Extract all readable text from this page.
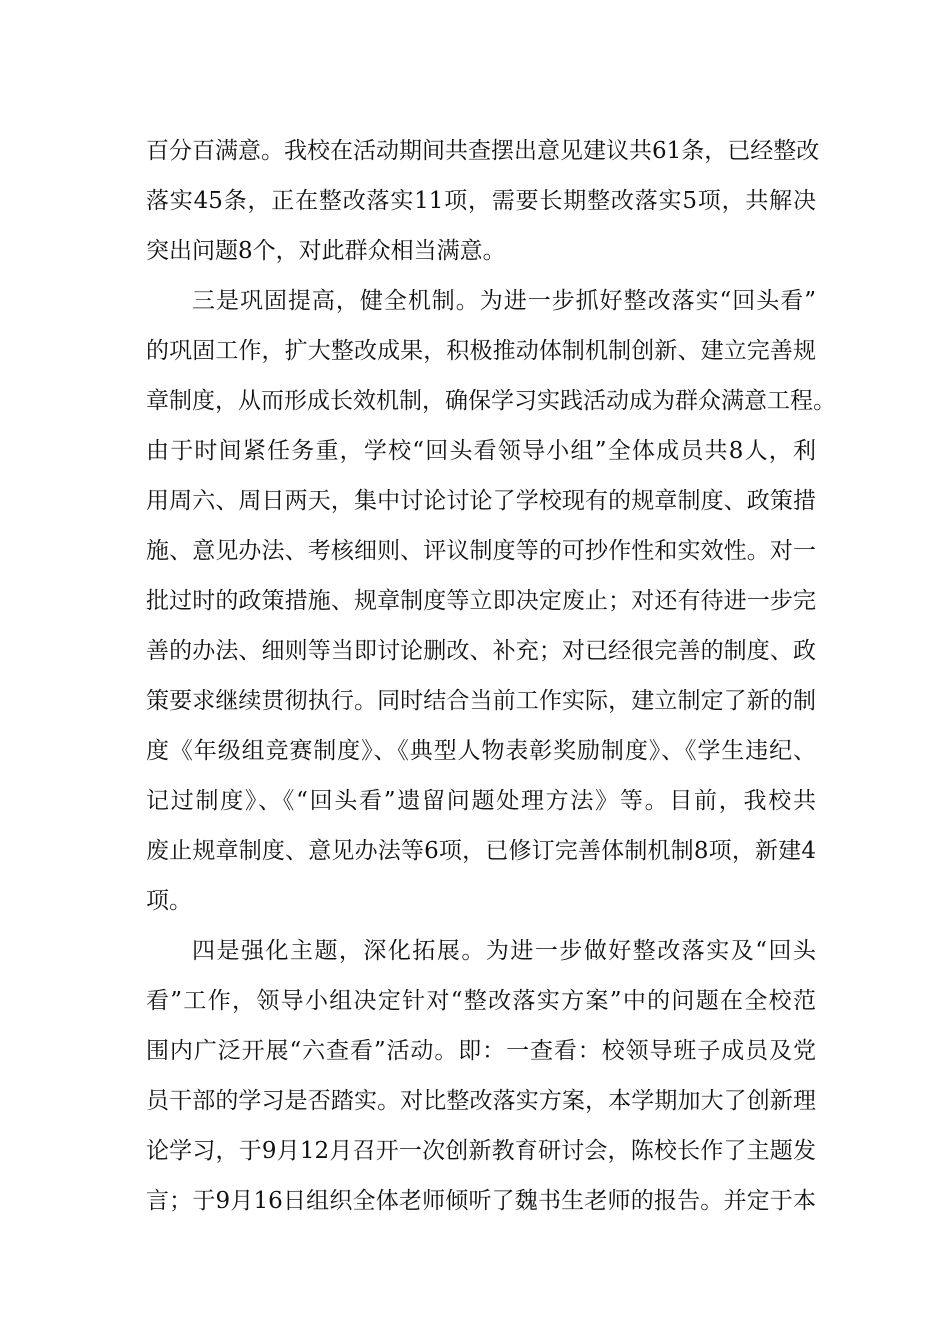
百分百满意。我校在活动期间共查摆出意见建议共61条，已经整改
落实45条，正在整改落实11项，需要长期整改落实5项，共解决
突出问题8个，对此群众相当满意。
三是巩固提高，健全机制。为进一步抓好整改落实“回头看”
的巩固工作，扩大整改成果，积极推动体制机制创新、建立完善规
章制度，从而形成长效机制，确保学习实践活动成为群众满意工程。
由于时间紧任务重，学校“回头看领导小组”全体成员共8人，利
用周六、周日两天，集中讨论讨论了学校现有的规章制度、政策措
施、意见办法、考核细则、评议制度等的可抄作性和实效性。对一
批过时的政策措施、规章制度等立即决定废止；对还有待进一步完
善的办法、细则等当即讨论删改、补充；对已经很完善的制度、政
策要求继续贯彻执行。同时结合当前工作实际，建立制定了新的制
度《年级组竞赛制度》、《典型人物表彰奖励制度》、《学生违纪、
记过制度》、《“回头看”遗留问题处理方法》等。目前，我校共
废止规章制度、意见办法等6项，已修订完善体制机制8项，新建4
项。
四是强化主题，深化拓展。为进一步做好整改落实及“回头
看”工作，领导小组决定针对“整改落实方案”中的问题在全校范
围内广泛开展“六查看”活动。即：一查看：校领导班子成员及党
员干部的学习是否踏实。对比整改落实方案，本学期加大了创新理
论学习，于9月12月召开一次创新教育研讨会，陈校长作了主题发
言；于9月16日组织全体老师倾听了魏书生老师的报告。并定于本
